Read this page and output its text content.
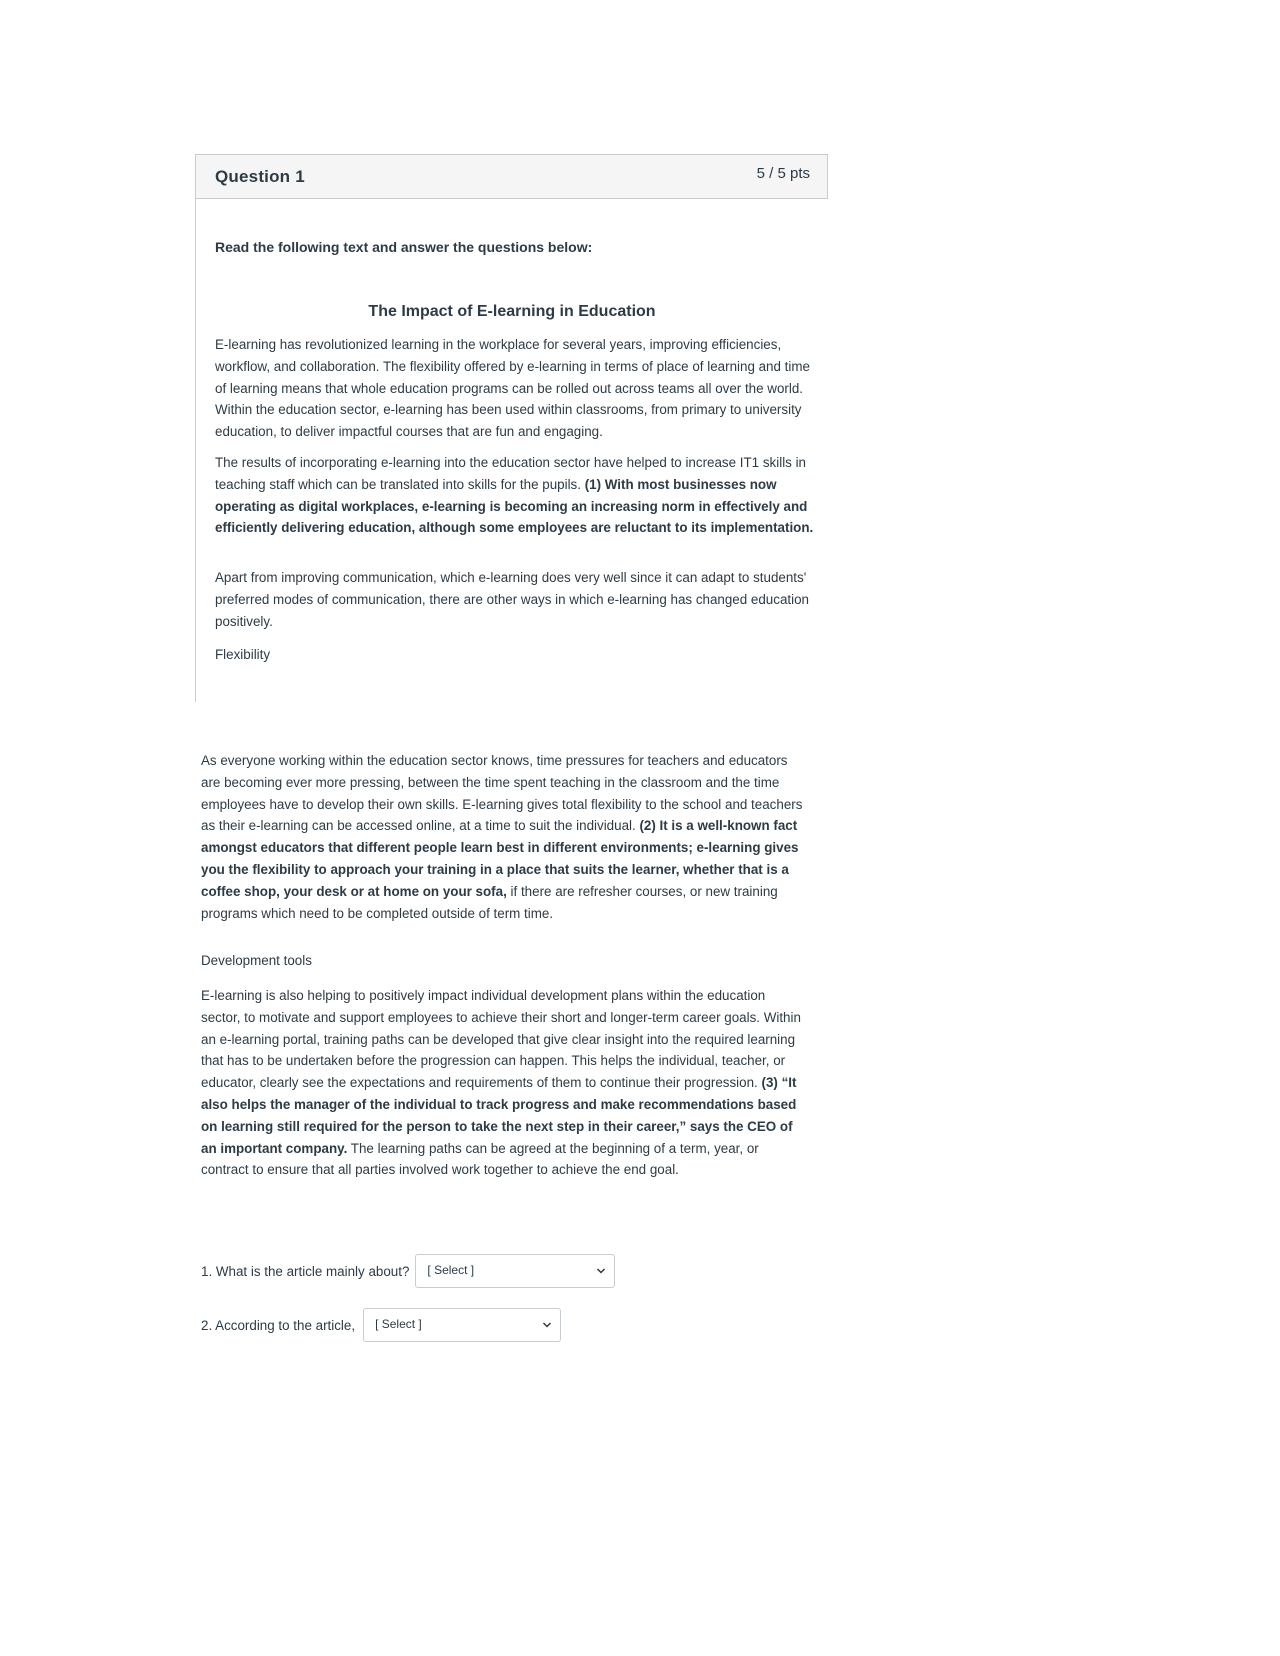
Question 1	5 / 5 pts
Read the following text and answer the questions below:
The Impact of E-learning in Education

E-learning has revolutionized learning in the workplace for several years, improving efficiencies, workflow, and collaboration. The flexibility offered by e-learning in terms of place of learning and time of learning means that whole education programs can be rolled out across teams all over the world. Within the education sector, e-learning has been used within classrooms, from primary to university education, to deliver impactful courses that are fun and engaging.

The results of incorporating e-learning into the education sector have helped to increase IT1 skills in teaching staff which can be translated into skills for the pupils. (1) With most businesses now operating as digital workplaces, e-learning is becoming an increasing norm in effectively and efficiently delivering education, although some employees are reluctant to its implementation.

Apart from improving communication, which e-learning does very well since it can adapt to students' preferred modes of communication, there are other ways in which e-learning has changed education positively.

Flexibility

As everyone working within the education sector knows, time pressures for teachers and educators are becoming ever more pressing, between the time spent teaching in the classroom and the time employees have to develop their own skills. E-learning gives total flexibility to the school and teachers as their e-learning can be accessed online, at a time to suit the individual. (2) It is a well-known fact amongst educators that different people learn best in different environments; e-learning gives you the flexibility to approach your training in a place that suits the learner, whether that is a coffee shop, your desk or at home on your sofa, if there are refresher courses, or new training programs which need to be completed outside of term time.

Development tools

E-learning is also helping to positively impact individual development plans within the education sector, to motivate and support employees to achieve their short and longer-term career goals. Within an e-learning portal, training paths can be developed that give clear insight into the required learning that has to be undertaken before the progression can happen. This helps the individual, teacher, or educator, clearly see the expectations and requirements of them to continue their progression. (3) “It also helps the manager of the individual to track progress and make recommendations based on learning still required for the person to take the next step in their career,” says the CEO of an important company. The learning paths can be agreed at the beginning of a term, year, or contract to ensure that all parties involved work together to achieve the end goal.

1. What is the article mainly about? [ Select ]
2. According to the article, [ Select ]
